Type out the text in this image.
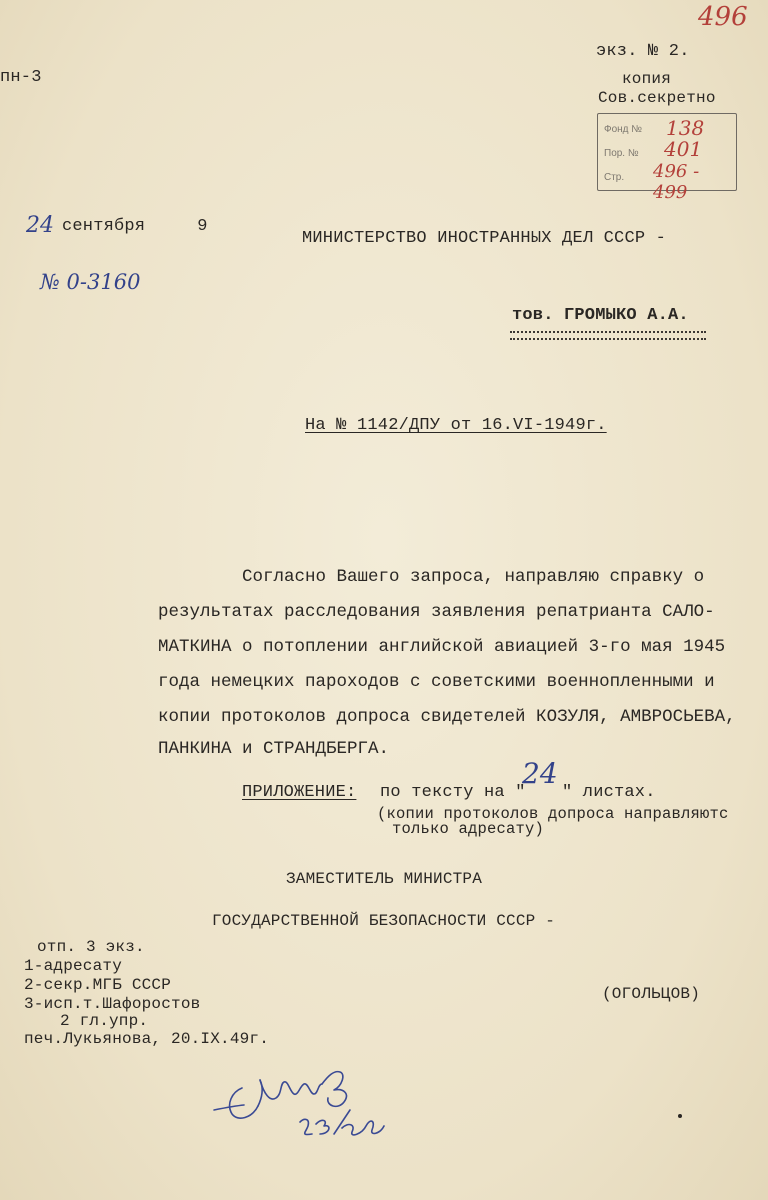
пн-3
496
экз. № 2.
копия
Сов.секретно
Фонд № 138
Пор. № 401
Стр. 496 - 499
24 сентября     9
№ 0-3160
МИНИСТЕРСТВО ИНОСТРАННЫХ ДЕЛ СССР -
тов. ГРОМЫКО А.А.
На № 1142/ДПУ от 16.VI-1949г.
Согласно Вашего запроса, направляю справку о
результатах расследования заявления репатрианта САЛО-
МАТКИНА о потоплении английской авиацией 3-го мая 1945
года немецких пароходов с советскими военнопленными и
копии протоколов допроса свидетелей КОЗУЛЯ, АМВРОСЬЕВА,
ПАНКИНА и СТРАНДБЕРГА.
ПРИЛОЖЕНИЕ: по тексту на "
24
" листах.
(копии протоколов допроса направляютс
только адресату)
ЗАМЕСТИТЕЛЬ МИНИСТРА
ГОСУДАРСТВЕННОЙ БЕЗОПАСНОСТИ СССР -
(ОГОЛЬЦОВ)
отп. 3 экз.
1-адресату
2-секр.МГБ СССР
3-исп.т.Шафоростов
2 гл.упр.
печ.Лукьянова, 20.IX.49г.
